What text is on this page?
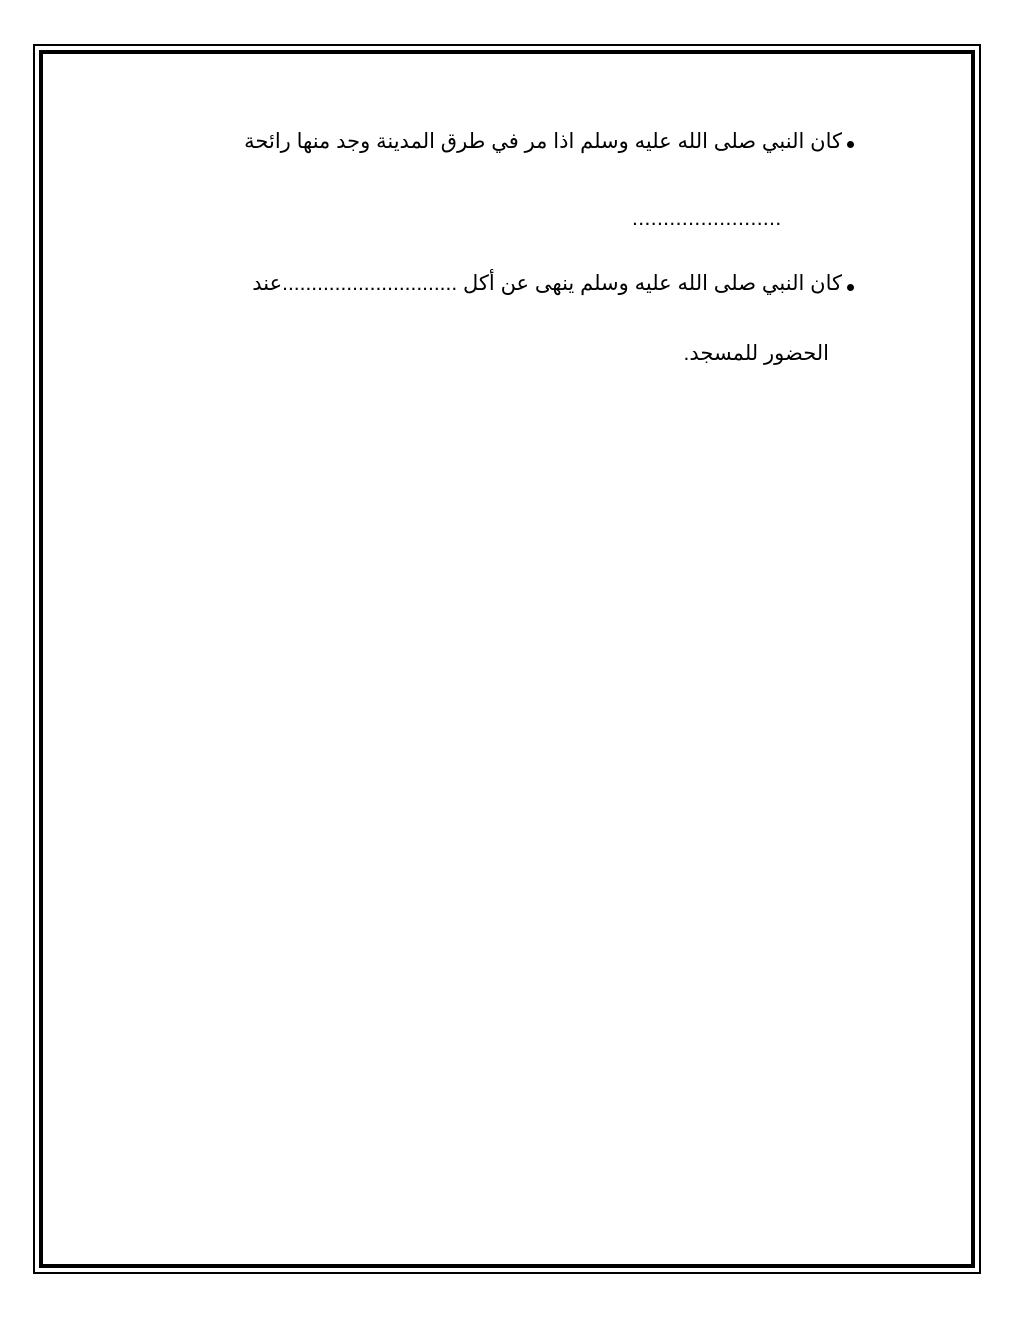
كان النبي صلى الله عليه وسلم اذا مر في طرق المدينة وجد منها رائحة
........................
كان النبي صلى الله عليه وسلم ينهى عن أكل ..............................عند
الحضور للمسجد.
